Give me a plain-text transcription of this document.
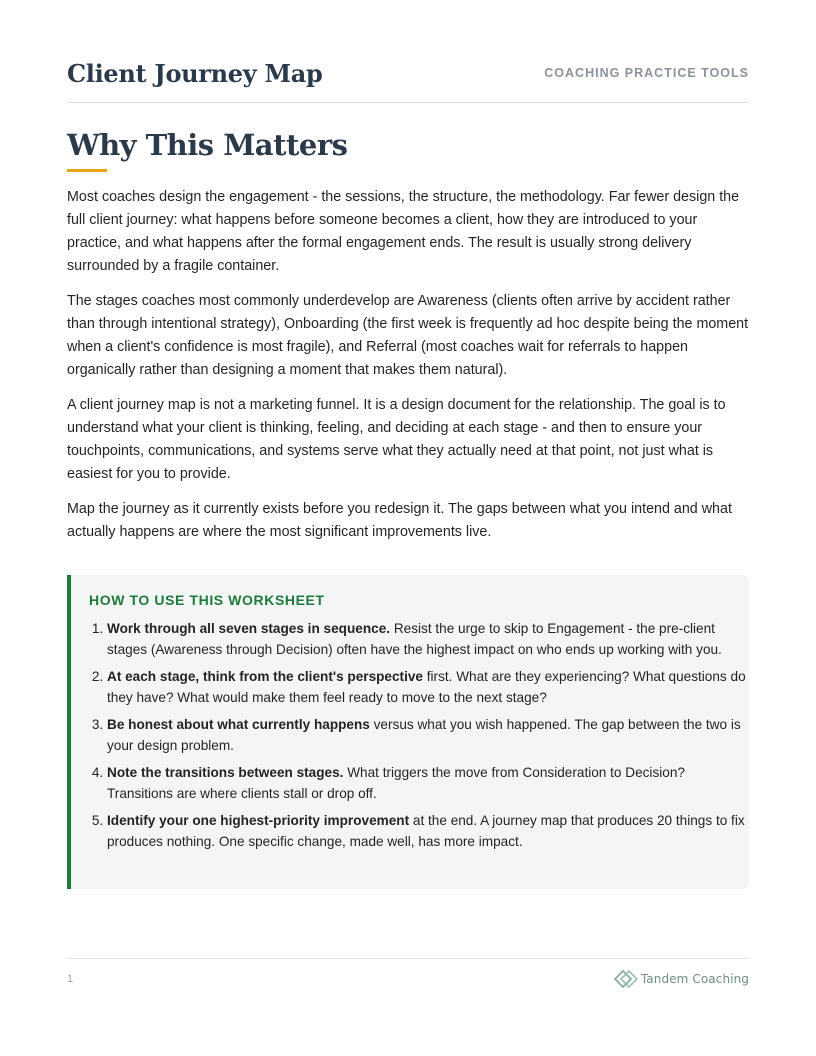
Client Journey Map	COACHING PRACTICE TOOLS
Why This Matters

Most coaches design the engagement - the sessions, the structure, the methodology. Far fewer design the full client journey: what happens before someone becomes a client, how they are introduced to your practice, and what happens after the formal engagement ends. The result is usually strong delivery surrounded by a fragile container.

The stages coaches most commonly underdevelop are Awareness (clients often arrive by accident rather than through intentional strategy), Onboarding (the first week is frequently ad hoc despite being the moment when a client's confidence is most fragile), and Referral (most coaches wait for referrals to happen organically rather than designing a moment that makes them natural).

A client journey map is not a marketing funnel. It is a design document for the relationship. The goal is to understand what your client is thinking, feeling, and deciding at each stage - and then to ensure your touchpoints, communications, and systems serve what they actually need at that point, not just what is easiest for you to provide.

Map the journey as it currently exists before you redesign it. The gaps between what you intend and what actually happens are where the most significant improvements live.

HOW TO USE THIS WORKSHEET
1. Work through all seven stages in sequence. Resist the urge to skip to Engagement - the pre-client stages (Awareness through Decision) often have the highest impact on who ends up working with you.
2. At each stage, think from the client's perspective first. What are they experiencing? What questions do they have? What would make them feel ready to move to the next stage?
3. Be honest about what currently happens versus what you wish happened. The gap between the two is your design problem.
4. Note the transitions between stages. What triggers the move from Consideration to Decision? Transitions are where clients stall or drop off.
5. Identify your one highest-priority improvement at the end. A journey map that produces 20 things to fix produces nothing. One specific change, made well, has more impact.
1	Tandem Coaching
